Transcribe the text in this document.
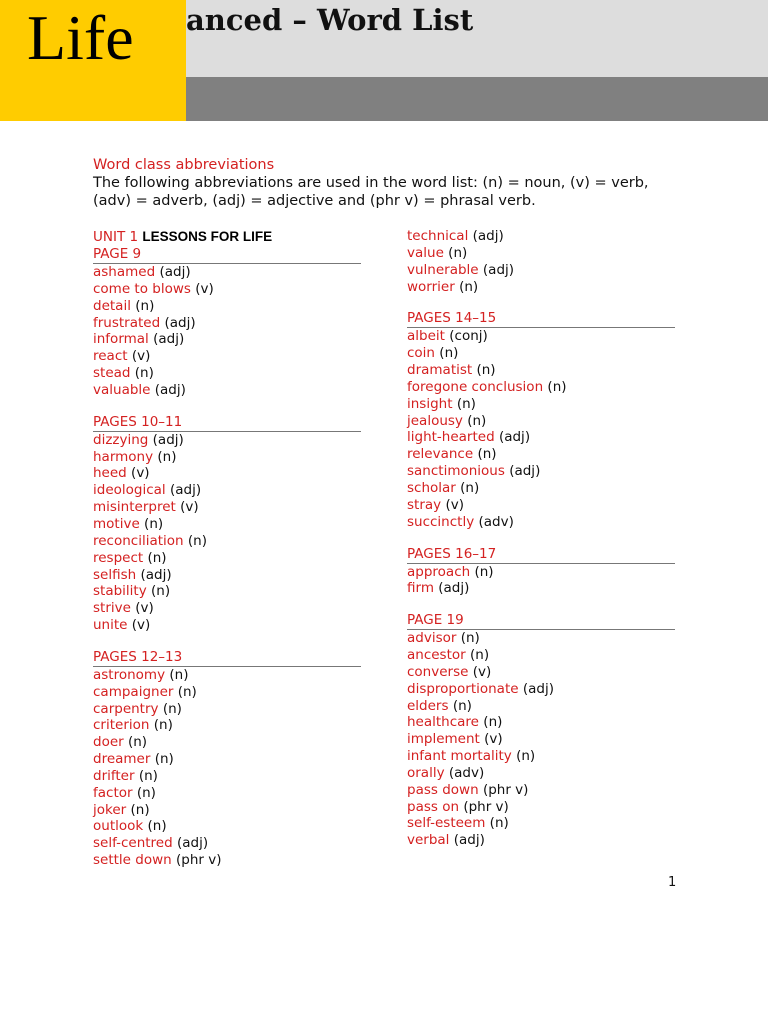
anced – Word List
Life
Word class abbreviations
The following abbreviations are used in the word list: (n) = noun, (v) = verb, (adv) = adverb, (adj) = adjective and (phr v) = phrasal verb.
UNIT 1 LESSONS FOR LIFE
PAGE 9
ashamed (adj)
come to blows (v)
detail (n)
frustrated (adj)
informal (adj)
react (v)
stead (n)
valuable (adj)
PAGES 10–11
dizzying (adj)
harmony (n)
heed (v)
ideological (adj)
misinterpret (v)
motive (n)
reconciliation (n)
respect (n)
selfish (adj)
stability (n)
strive (v)
unite (v)
PAGES 12–13
astronomy (n)
campaigner (n)
carpentry (n)
criterion (n)
doer (n)
dreamer (n)
drifter (n)
factor (n)
joker (n)
outlook (n)
self-centred (adj)
settle down (phr v)
technical (adj)
value (n)
vulnerable (adj)
worrier (n)
PAGES 14–15
albeit (conj)
coin (n)
dramatist (n)
foregone conclusion (n)
insight (n)
jealousy (n)
light-hearted (adj)
relevance (n)
sanctimonious (adj)
scholar (n)
stray (v)
succinctly (adv)
PAGES 16–17
approach (n)
firm (adj)
PAGE 19
advisor (n)
ancestor (n)
converse (v)
disproportionate (adj)
elders (n)
healthcare (n)
implement (v)
infant mortality (n)
orally (adv)
pass down (phr v)
pass on (phr v)
self-esteem (n)
verbal (adj)
1
